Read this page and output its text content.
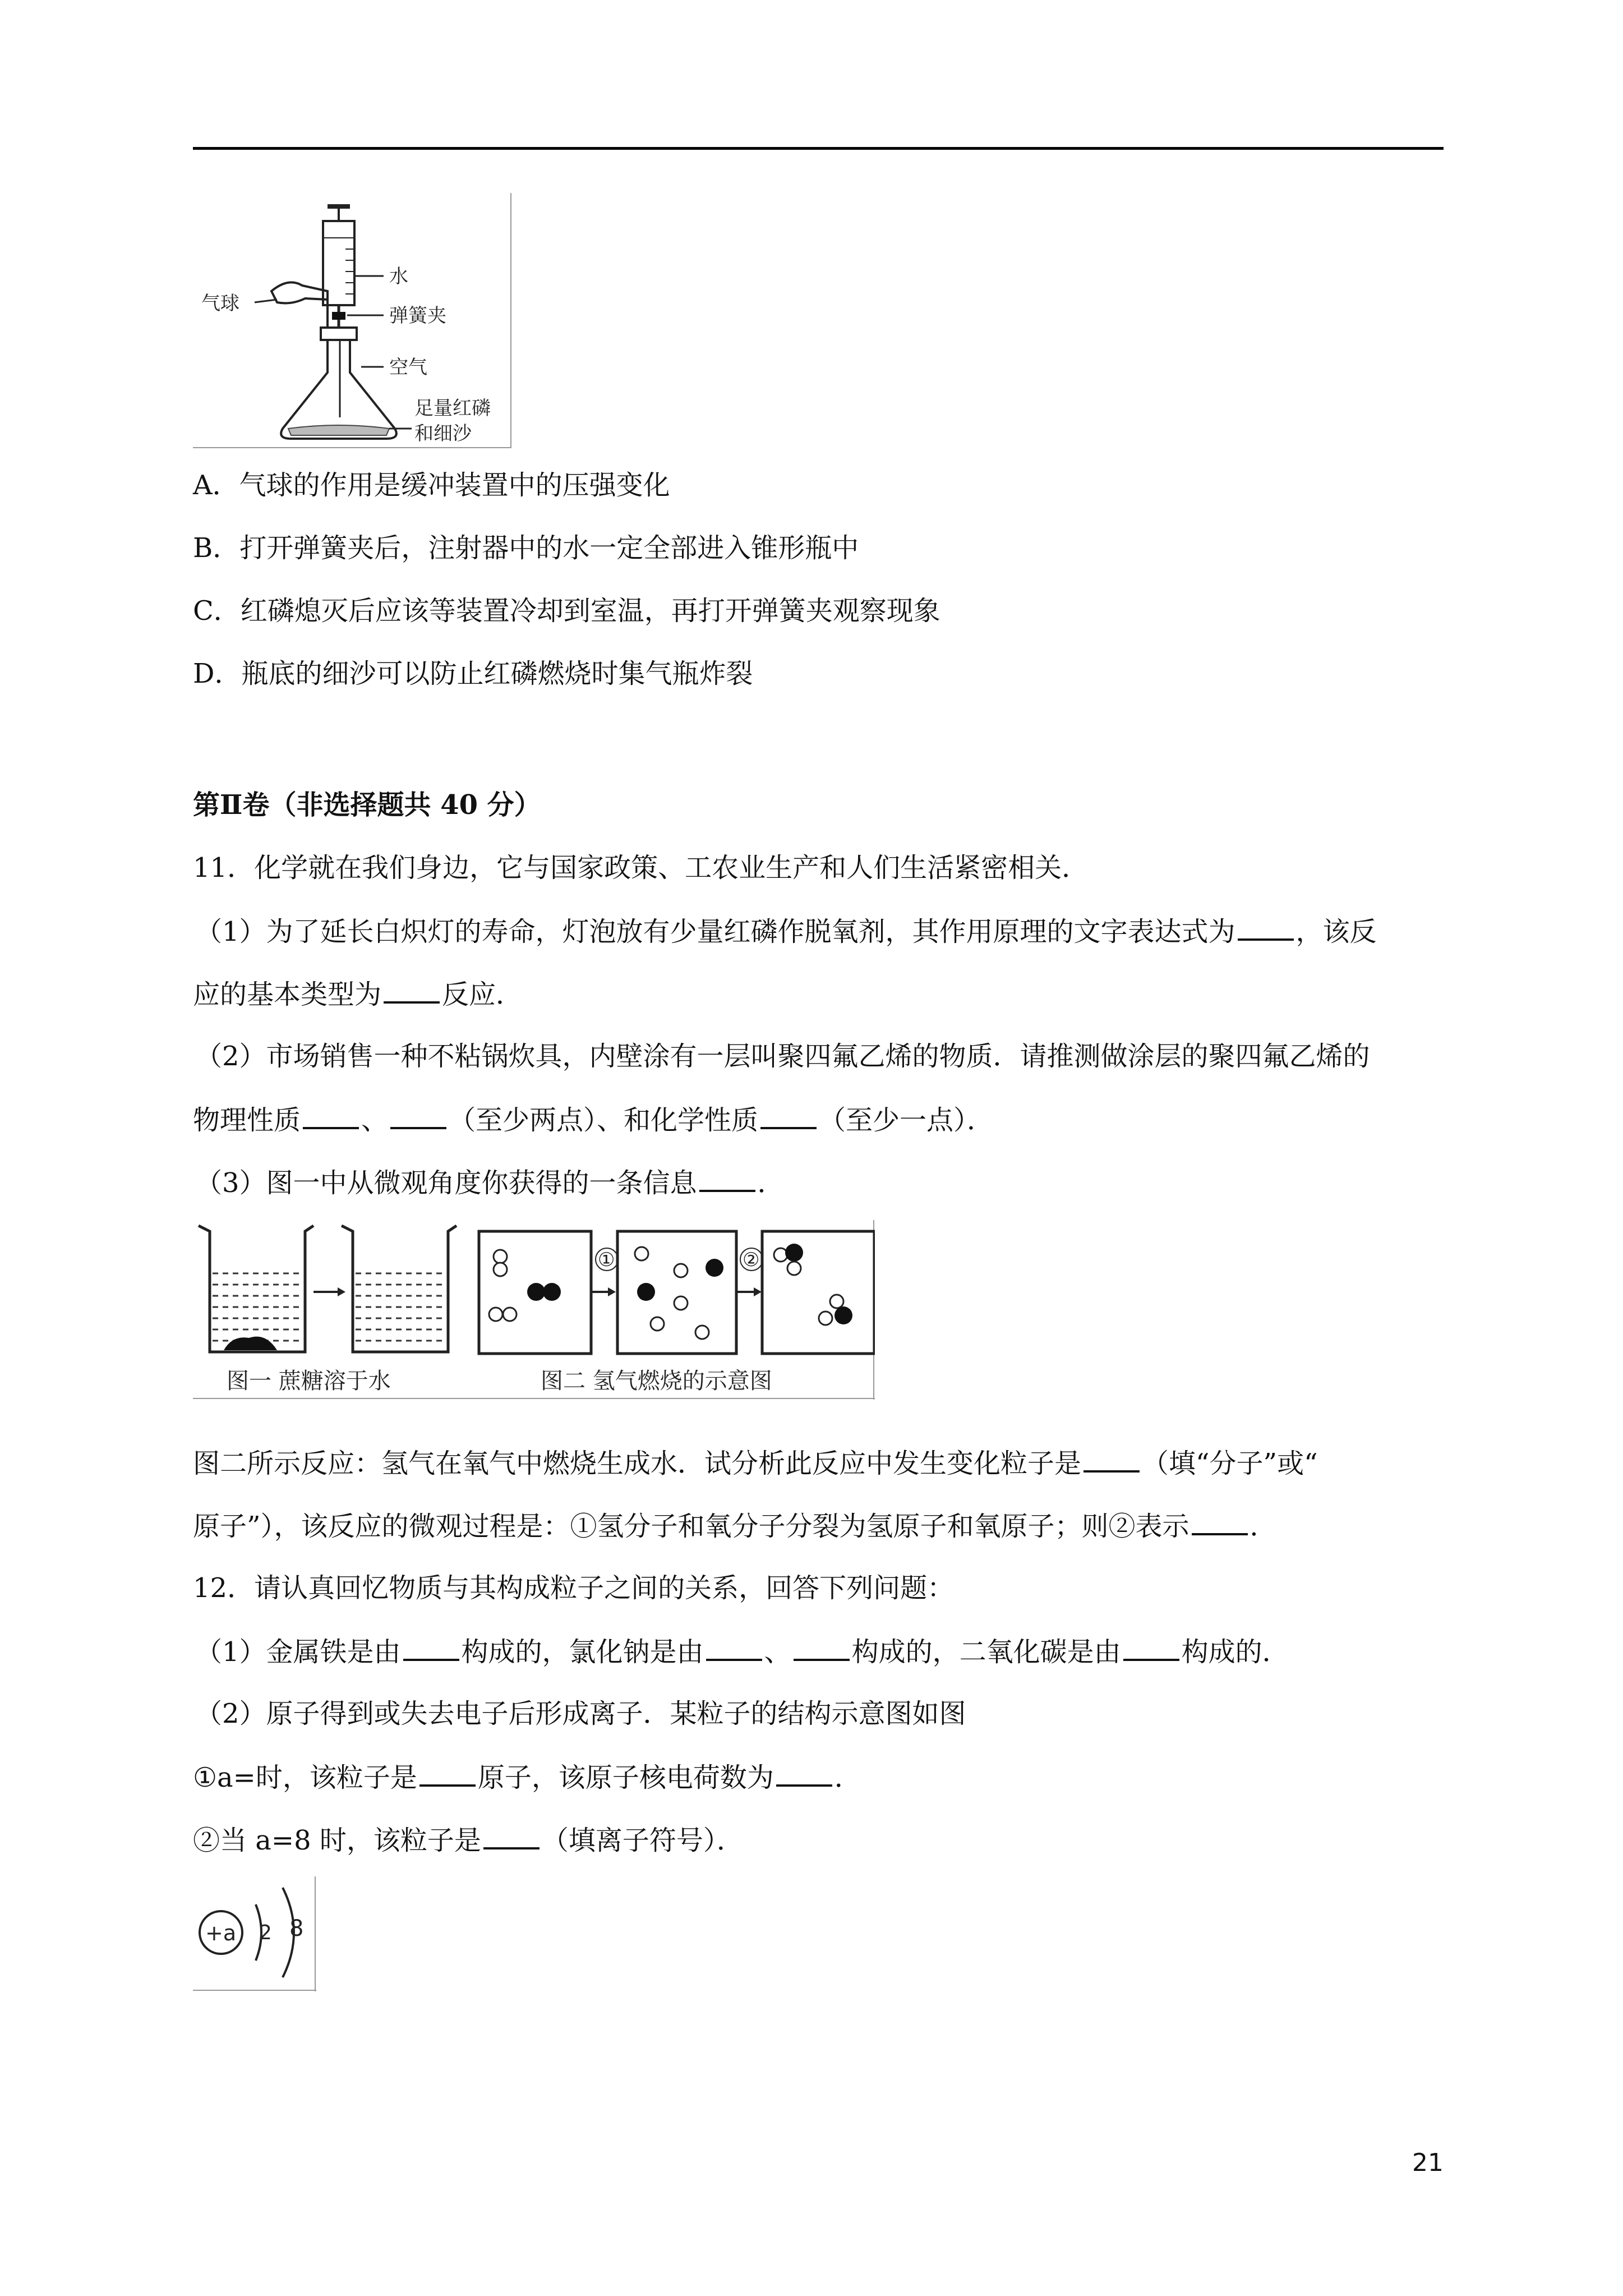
水
弹簧夹
气球
空气
足量红磷
和细沙
A．气球的作用是缓冲装置中的压强变化
B．打开弹簧夹后，注射器中的水一定全部进入锥形瓶中
C．红磷熄灭后应该等装置冷却到室温，再打开弹簧夹观察现象
D．瓶底的细沙可以防止红磷燃烧时集气瓶炸裂
第Ⅱ卷（非选择题共 40 分）
11．化学就在我们身边，它与国家政策、工农业生产和人们生活紧密相关．
（1）为了延长白炽灯的寿命，灯泡放有少量红磷作脱氧剂，其作用原理的文字表达式为 ，该反
应的基本类型为 反应．
（2）市场销售一种不粘锅炊具，内壁涂有一层叫聚四氟乙烯的物质．请推测做涂层的聚四氟乙烯的
物理性质 、 （至少两点）、和化学性质 （至少一点）．
（3）图一中从微观角度你获得的一条信息 ．
①	②
图一 蔗糖溶于水	图二 氢气燃烧的示意图
图二所示反应：氢气在氧气中燃烧生成水．试分析此反应中发生变化粒子是 （填“分子”或“
原子”），该反应的微观过程是：①氢分子和氧分子分裂为氢原子和氧原子；则②表示 ．
12．请认真回忆物质与其构成粒子之间的关系，回答下列问题：
（1）金属铁是由 构成的，氯化钠是由 、 构成的，二氧化碳是由 构成的．
（2）原子得到或失去电子后形成离子．某粒子的结构示意图如图
①a=时，该粒子是 原子，该原子核电荷数为 ．
②当 a=8 时，该粒子是 （填离子符号）．
+a 2 8
21
